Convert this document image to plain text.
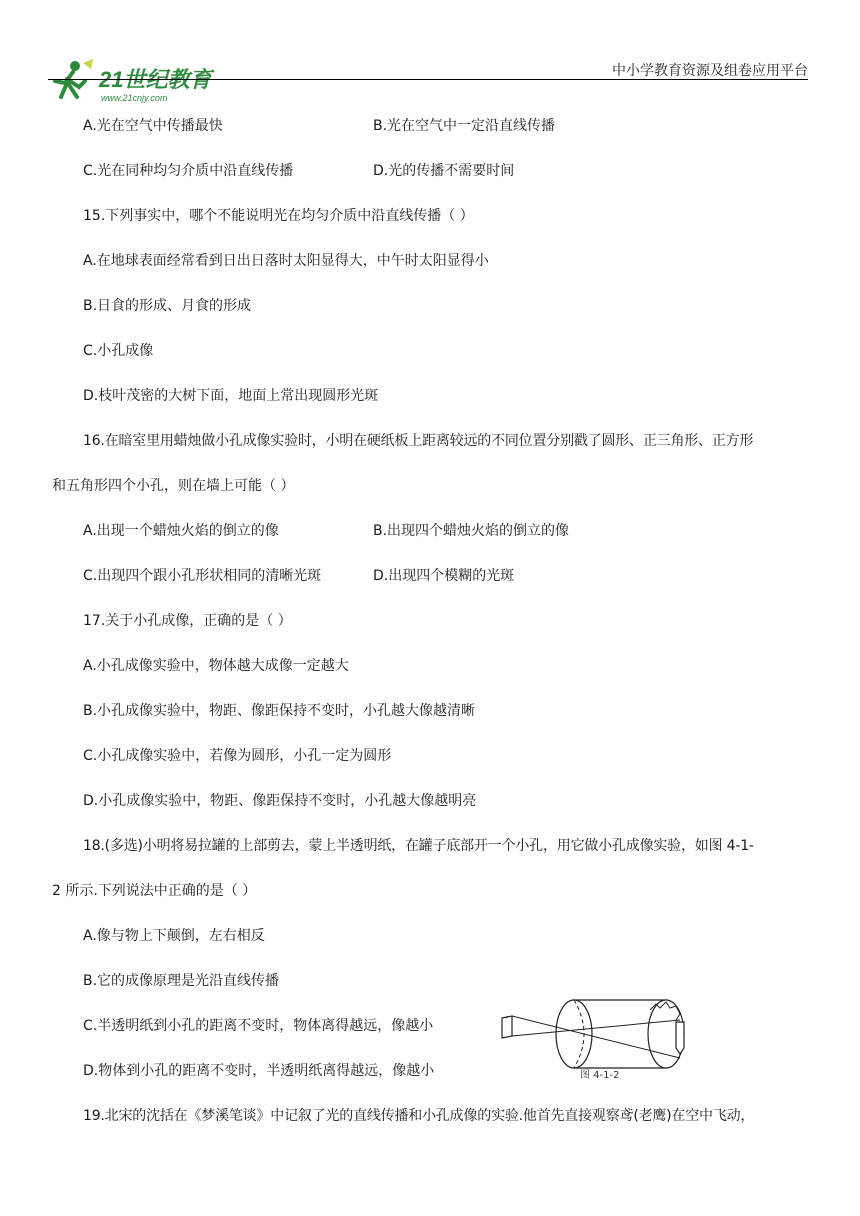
21世纪教育
www.21cnjy.com
中小学教育资源及组卷应用平台
A.光在空气中传播最快	B.光在空气中一定沿直线传播
C.光在同种均匀介质中沿直线传播	D.光的传播不需要时间
15.下列事实中，哪个不能说明光在均匀介质中沿直线传播（ ）
A.在地球表面经常看到日出日落时太阳显得大，中午时太阳显得小
B.日食的形成、月食的形成
C.小孔成像
D.枝叶茂密的大树下面，地面上常出现圆形光斑
16.在暗室里用蜡烛做小孔成像实验时，小明在硬纸板上距离较远的不同位置分别戳了圆形、正三角形、正方形
和五角形四个小孔，则在墙上可能（ ）
A.出现一个蜡烛火焰的倒立的像	B.出现四个蜡烛火焰的倒立的像
C.出现四个跟小孔形状相同的清晰光斑	D.出现四个模糊的光斑
17.关于小孔成像，正确的是（ ）
A.小孔成像实验中，物体越大成像一定越大
B.小孔成像实验中，物距、像距保持不变时，小孔越大像越清晰
C.小孔成像实验中，若像为圆形，小孔一定为圆形
D.小孔成像实验中，物距、像距保持不变时，小孔越大像越明亮
18.(多选)小明将易拉罐的上部剪去，蒙上半透明纸，在罐子底部开一个小孔，用它做小孔成像实验，如图 4-1-
2 所示.下列说法中正确的是（ ）
A.像与物上下颠倒，左右相反
B.它的成像原理是光沿直线传播
C.半透明纸到小孔的距离不变时，物体离得越远，像越小
D.物体到小孔的距离不变时，半透明纸离得越远，像越小	图 4-1-2
19.北宋的沈括在《梦溪笔谈》中记叙了光的直线传播和小孔成像的实验.他首先直接观察鸢(老鹰)在空中飞动，
